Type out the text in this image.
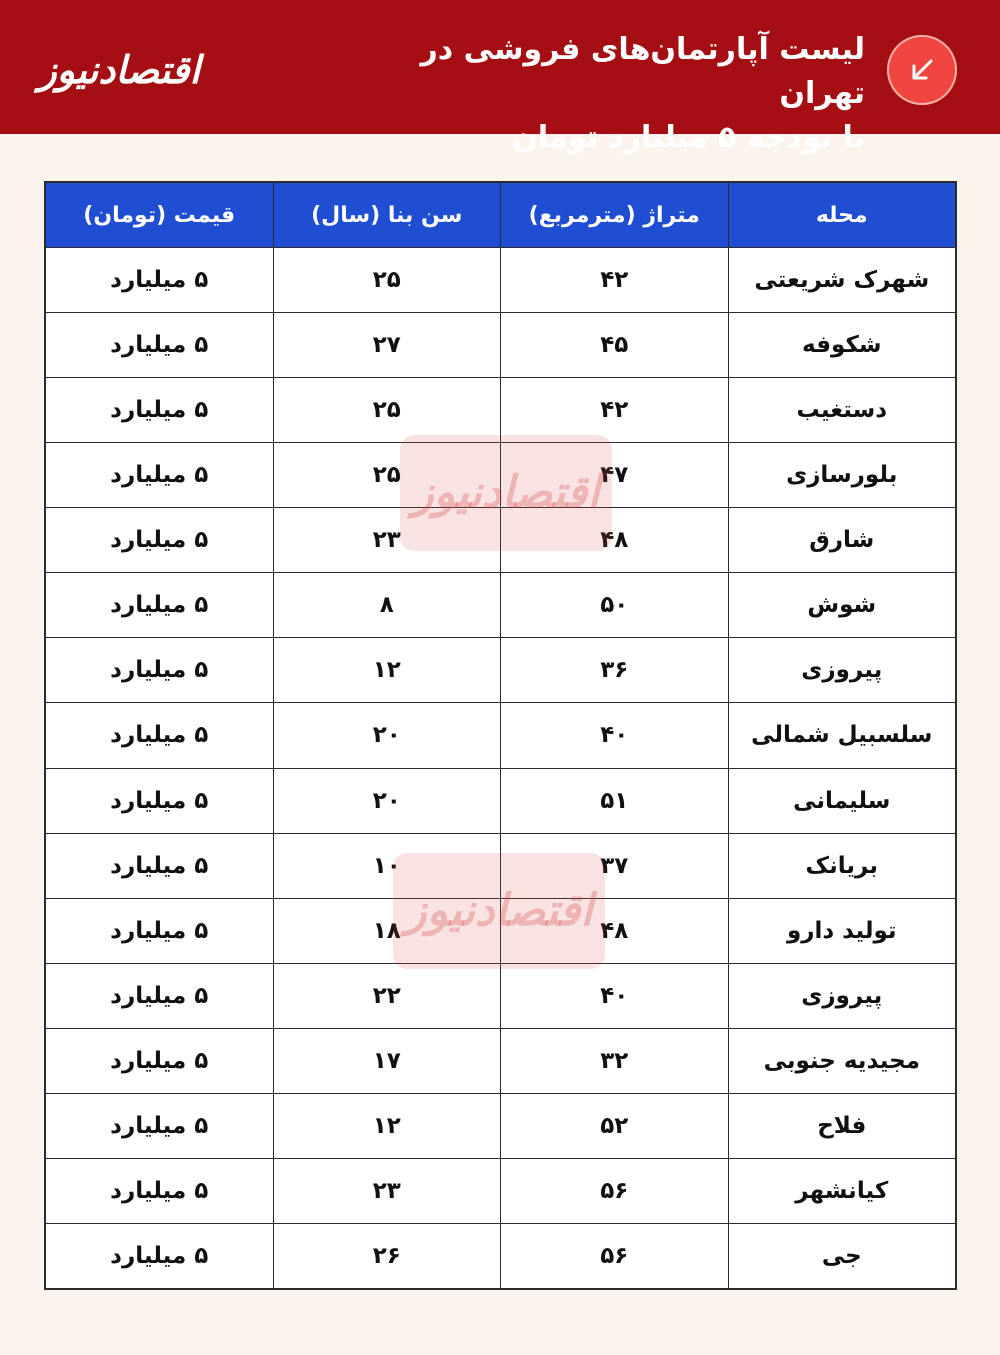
لیست آپارتمان‌های فروشی در تهران
با بودجه ۵ میلیارد تومان
اقتصادنیوز
محله	متراژ (مترمربع)	سن بنا (سال)	قیمت (تومان)
شهرک شریعتی	۴۲	۲۵	۵ میلیارد
شکوفه	۴۵	۲۷	۵ میلیارد
دستغیب	۴۲	۲۵	۵ میلیارد
بلورسازی	۴۷	۲۵	۵ میلیارد
شارق	۴۸	۲۳	۵ میلیارد
شوش	۵۰	۸	۵ میلیارد
پیروزی	۳۶	۱۲	۵ میلیارد
سلسبیل شمالی	۴۰	۲۰	۵ میلیارد
سلیمانی	۵۱	۲۰	۵ میلیارد
بریانک	۳۷	۱۰	۵ میلیارد
تولید دارو	۴۸	۱۸	۵ میلیارد
پیروزی	۴۰	۲۲	۵ میلیارد
مجیدیه جنوبی	۳۲	۱۷	۵ میلیارد
فلاح	۵۲	۱۲	۵ میلیارد
کیانشهر	۵۶	۲۳	۵ میلیارد
جی	۵۶	۲۶	۵ میلیارد
اقتصادنیوز
اقتصادنیوز
